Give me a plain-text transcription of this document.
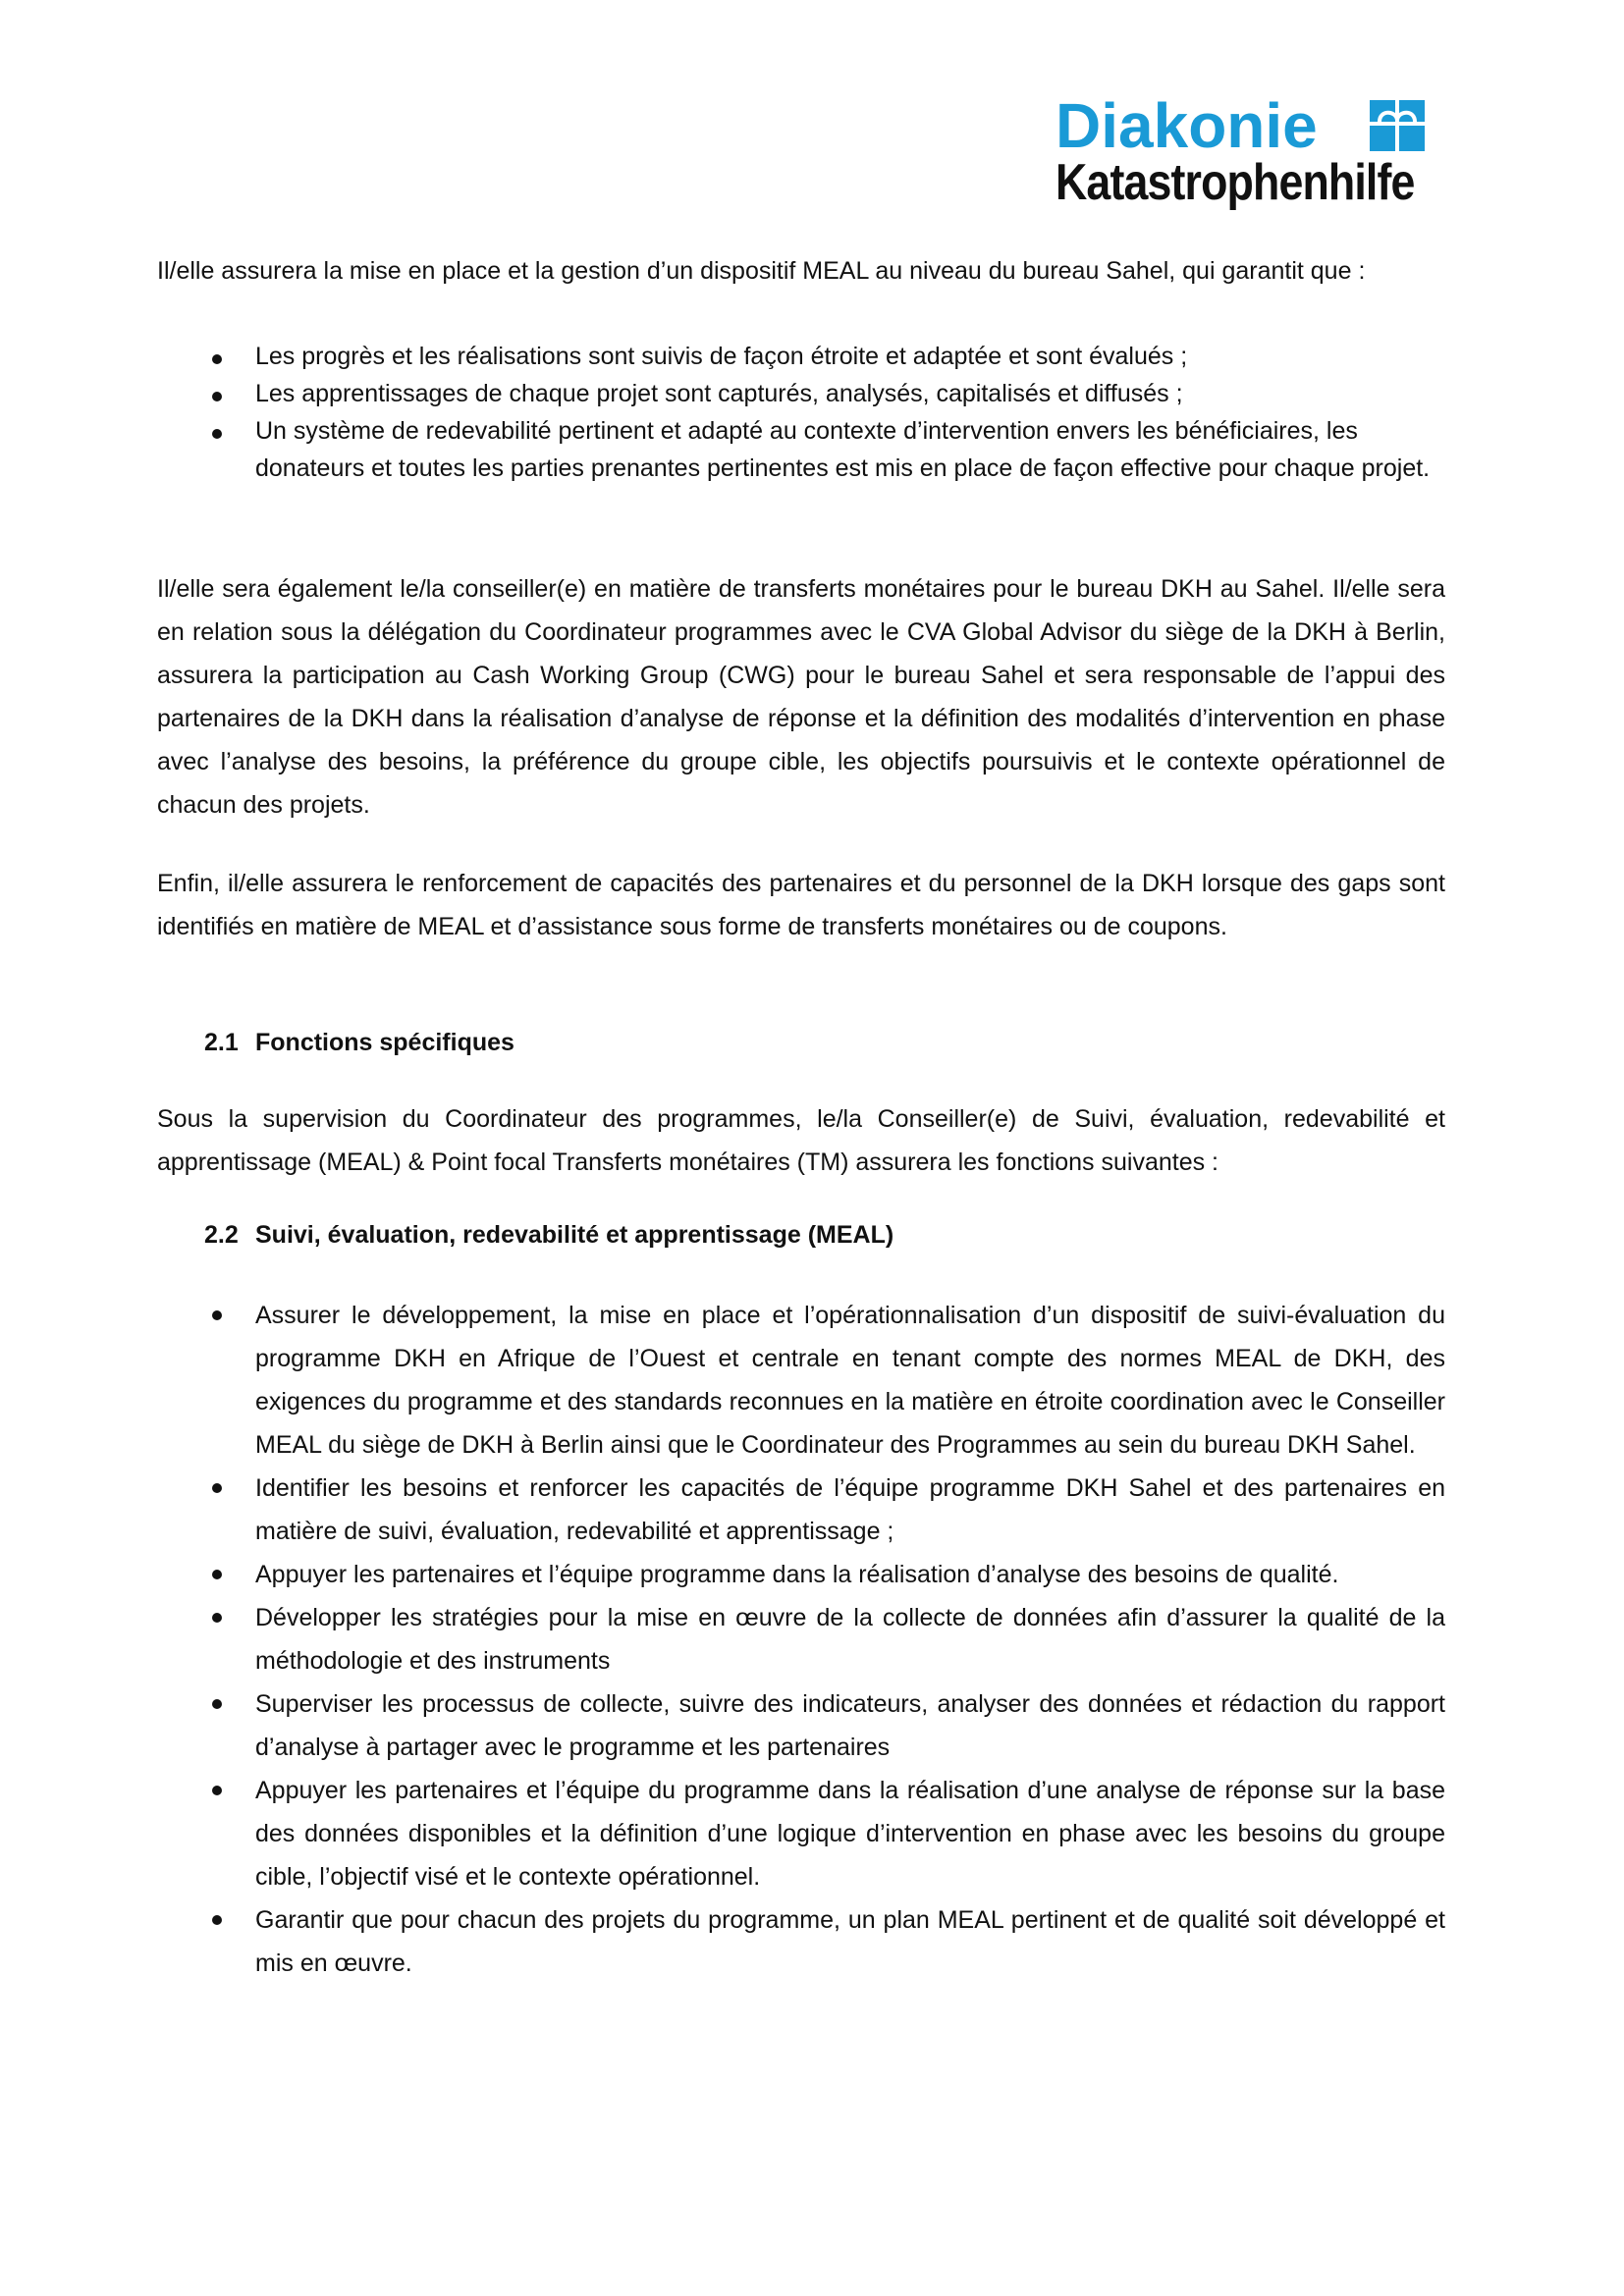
Diakonie
Katastrophenhilfe

Il/elle assurera la mise en place et la gestion d’un dispositif MEAL au niveau du bureau Sahel, qui garantit que :

Les progrès et les réalisations sont suivis de façon étroite et adaptée et sont évalués ;
Les apprentissages de chaque projet sont capturés, analysés, capitalisés et diffusés ;
Un système de redevabilité pertinent et adapté au contexte d’intervention envers les bénéficiaires, les donateurs et toutes les parties prenantes pertinentes est mis en place de façon effective pour chaque projet.

Il/elle sera également le/la conseiller(e) en matière de transferts monétaires pour le bureau DKH au Sahel. Il/elle sera en relation sous la délégation du Coordinateur programmes avec le CVA Global Advisor du siège de la DKH à Berlin, assurera la participation au Cash Working Group (CWG) pour le bureau Sahel et sera responsable de l’appui des partenaires de la DKH dans la réalisation d’analyse de réponse et la définition des modalités d’intervention en phase avec l’analyse des besoins, la préférence du groupe cible, les objectifs poursuivis et le contexte opérationnel de chacun des projets.

Enfin, il/elle assurera le renforcement de capacités des partenaires et du personnel de la DKH lorsque des gaps sont identifiés en matière de MEAL et d’assistance sous forme de transferts monétaires ou de coupons.

2.1 Fonctions spécifiques

Sous la supervision du Coordinateur des programmes, le/la Conseiller(e) de Suivi, évaluation, redevabilité et apprentissage (MEAL) & Point focal Transferts monétaires (TM) assurera les fonctions suivantes :

2.2 Suivi, évaluation, redevabilité et apprentissage (MEAL)
Assurer le développement, la mise en place et l’opérationnalisation d’un dispositif de suivi-évaluation du programme DKH en Afrique de l’Ouest et centrale en tenant compte des normes MEAL de DKH, des exigences du programme et des standards reconnues en la matière en étroite coordination avec le Conseiller MEAL du siège de DKH à Berlin ainsi que le Coordinateur des Programmes au sein du bureau DKH Sahel.
Identifier les besoins et renforcer les capacités de l’équipe programme DKH Sahel et des partenaires en matière de suivi, évaluation, redevabilité et apprentissage ;
Appuyer les partenaires et l’équipe programme dans la réalisation d’analyse des besoins de qualité.
Développer les stratégies pour la mise en œuvre de la collecte de données afin d’assurer la qualité de la méthodologie et des instruments
Superviser les processus de collecte, suivre des indicateurs, analyser des données et rédaction du rapport d’analyse à partager avec le programme et les partenaires
Appuyer les partenaires et l’équipe du programme dans la réalisation d’une analyse de réponse sur la base des données disponibles et la définition d’une logique d’intervention en phase avec les besoins du groupe cible, l’objectif visé et le contexte opérationnel.
Garantir que pour chacun des projets du programme, un plan MEAL pertinent et de qualité soit développé et mis en œuvre.
